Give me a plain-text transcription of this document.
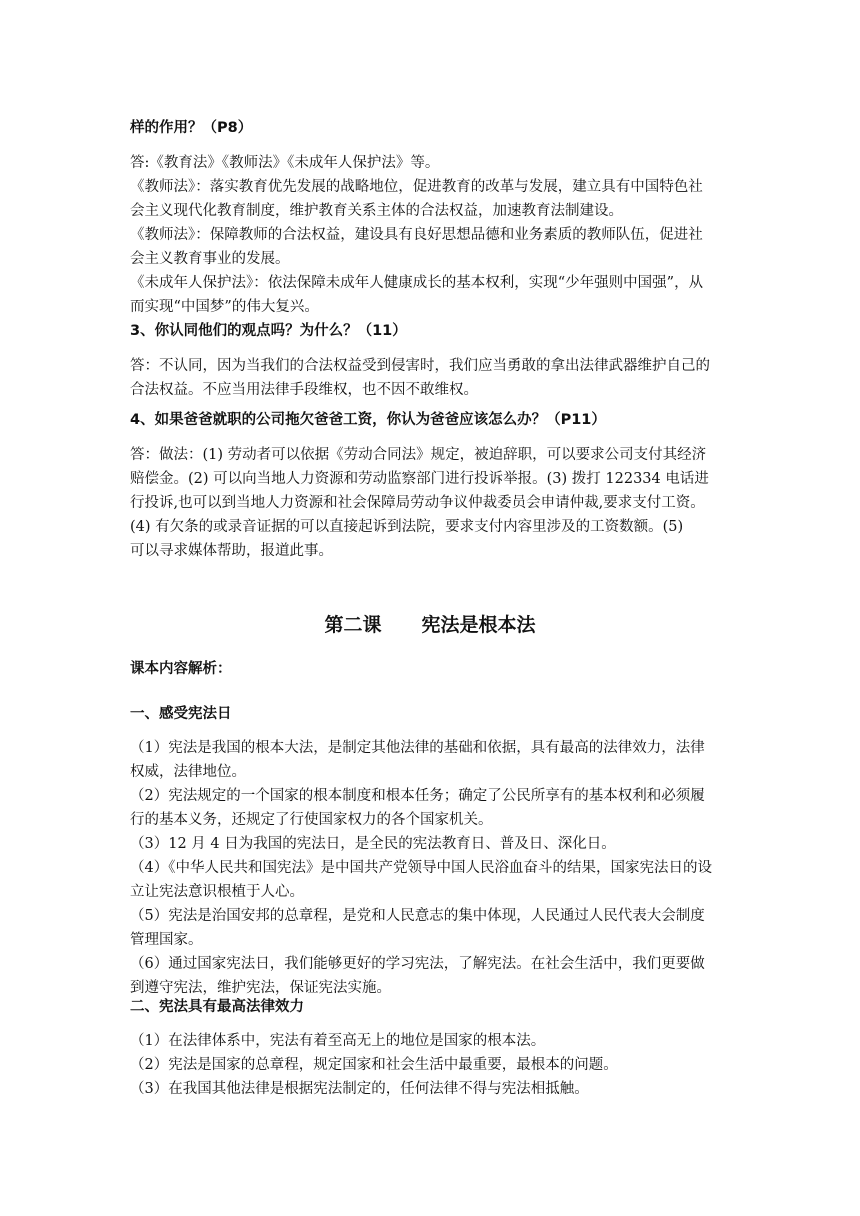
样的作用？（P8）
答:《教育法》《教师法》《未成年人保护法》等。
《教师法》：落实教育优先发展的战略地位，促进教育的改革与发展，建立具有中国特色社
会主义现代化教育制度，维护教育关系主体的合法权益，加速教育法制建设。
《教师法》：保障教师的合法权益，建设具有良好思想品德和业务素质的教师队伍，促进社
会主义教育事业的发展。
《未成年人保护法》：依法保障未成年人健康成长的基本权利，实现“少年强则中国强”，从
而实现“中国梦”的伟大复兴。
3、你认同他们的观点吗？为什么？（11）
答：不认同，因为当我们的合法权益受到侵害时，我们应当勇敢的拿出法律武器维护自己的
合法权益。不应当用法律手段维权，也不因不敢维权。
4、如果爸爸就职的公司拖欠爸爸工资，你认为爸爸应该怎么办？（P11）
答：做法：(1) 劳动者可以依据《劳动合同法》规定，被迫辞职，可以要求公司支付其经济
赔偿金。(2) 可以向当地人力资源和劳动监察部门进行投诉举报。(3) 拨打 122334 电话进
行投诉,也可以到当地人力资源和社会保障局劳动争议仲裁委员会申请仲裁,要求支付工资。
(4) 有欠条的或录音证据的可以直接起诉到法院，要求支付内容里涉及的工资数额。(5)
可以寻求媒体帮助，报道此事。
第二课 宪法是根本法
课本内容解析：
一、感受宪法日
（1）宪法是我国的根本大法，是制定其他法律的基础和依据，具有最高的法律效力，法律
权威，法律地位。
（2）宪法规定的一个国家的根本制度和根本任务；确定了公民所享有的基本权利和必须履
行的基本义务，还规定了行使国家权力的各个国家机关。
（3）12 月 4 日为我国的宪法日，是全民的宪法教育日、普及日、深化日。
（4）《中华人民共和国宪法》是中国共产党领导中国人民浴血奋斗的结果，国家宪法日的设
立让宪法意识根植于人心。
（5）宪法是治国安邦的总章程，是党和人民意志的集中体现，人民通过人民代表大会制度
管理国家。
（6）通过国家宪法日，我们能够更好的学习宪法，了解宪法。在社会生活中，我们更要做
到遵守宪法，维护宪法，保证宪法实施。
二、宪法具有最高法律效力
（1）在法律体系中，宪法有着至高无上的地位是国家的根本法。
（2）宪法是国家的总章程，规定国家和社会生活中最重要，最根本的问题。
（3）在我国其他法律是根据宪法制定的，任何法律不得与宪法相抵触。
